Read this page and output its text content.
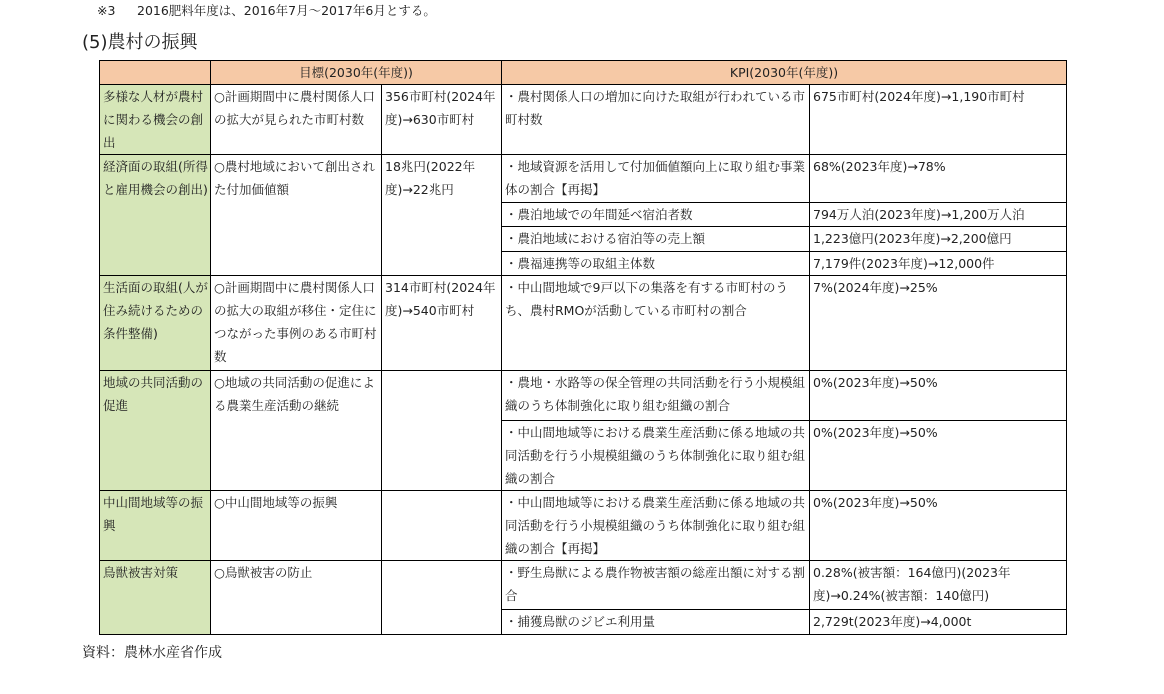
※3 2016肥料年度は、2016年7月～2017年6月とする。
(5)農村の振興
	目標(2030年(年度))		KPI(2030年(年度))	
多様な人材が農村に関わる機会の創出	○計画期間中に農村関係人口の拡大が見られた市町村数	356市町村(2024年度)→630市町村	・農村関係人口の増加に向けた取組が行われている市町村数	675市町村(2024年度)→1,190市町村
経済面の取組(所得と雇用機会の創出)	○農村地域において創出された付加価値額	18兆円(2022年度)→22兆円	・地域資源を活用して付加価値額向上に取り組む事業体の割合【再掲】	68%(2023年度)→78%
			・農泊地域での年間延べ宿泊者数	794万人泊(2023年度)→1,200万人泊
			・農泊地域における宿泊等の売上額	1,223億円(2023年度)→2,200億円
			・農福連携等の取組主体数	7,179件(2023年度)→12,000件
生活面の取組(人が住み続けるための条件整備)	○計画期間中に農村関係人口の拡大の取組が移住・定住につながった事例のある市町村数	314市町村(2024年度)→540市町村	・中山間地域で9戸以下の集落を有する市町村のうち、農村RMOが活動している市町村の割合	7%(2024年度)→25%
地域の共同活動の促進	○地域の共同活動の促進による農業生産活動の継続		・農地・水路等の保全管理の共同活動を行う小規模組織のうち体制強化に取り組む組織の割合	0%(2023年度)→50%
			・中山間地域等における農業生産活動に係る地域の共同活動を行う小規模組織のうち体制強化に取り組む組織の割合	0%(2023年度)→50%
中山間地域等の振興	○中山間地域等の振興		・中山間地域等における農業生産活動に係る地域の共同活動を行う小規模組織のうち体制強化に取り組む組織の割合【再掲】	0%(2023年度)→50%
鳥獣被害対策	○鳥獣被害の防止		・野生鳥獣による農作物被害額の総産出額に対する割合	0.28%(被害額：164億円)(2023年度)→0.24%(被害額：140億円)
			・捕獲鳥獣のジビエ利用量	2,729t(2023年度)→4,000t
資料：農林水産省作成
